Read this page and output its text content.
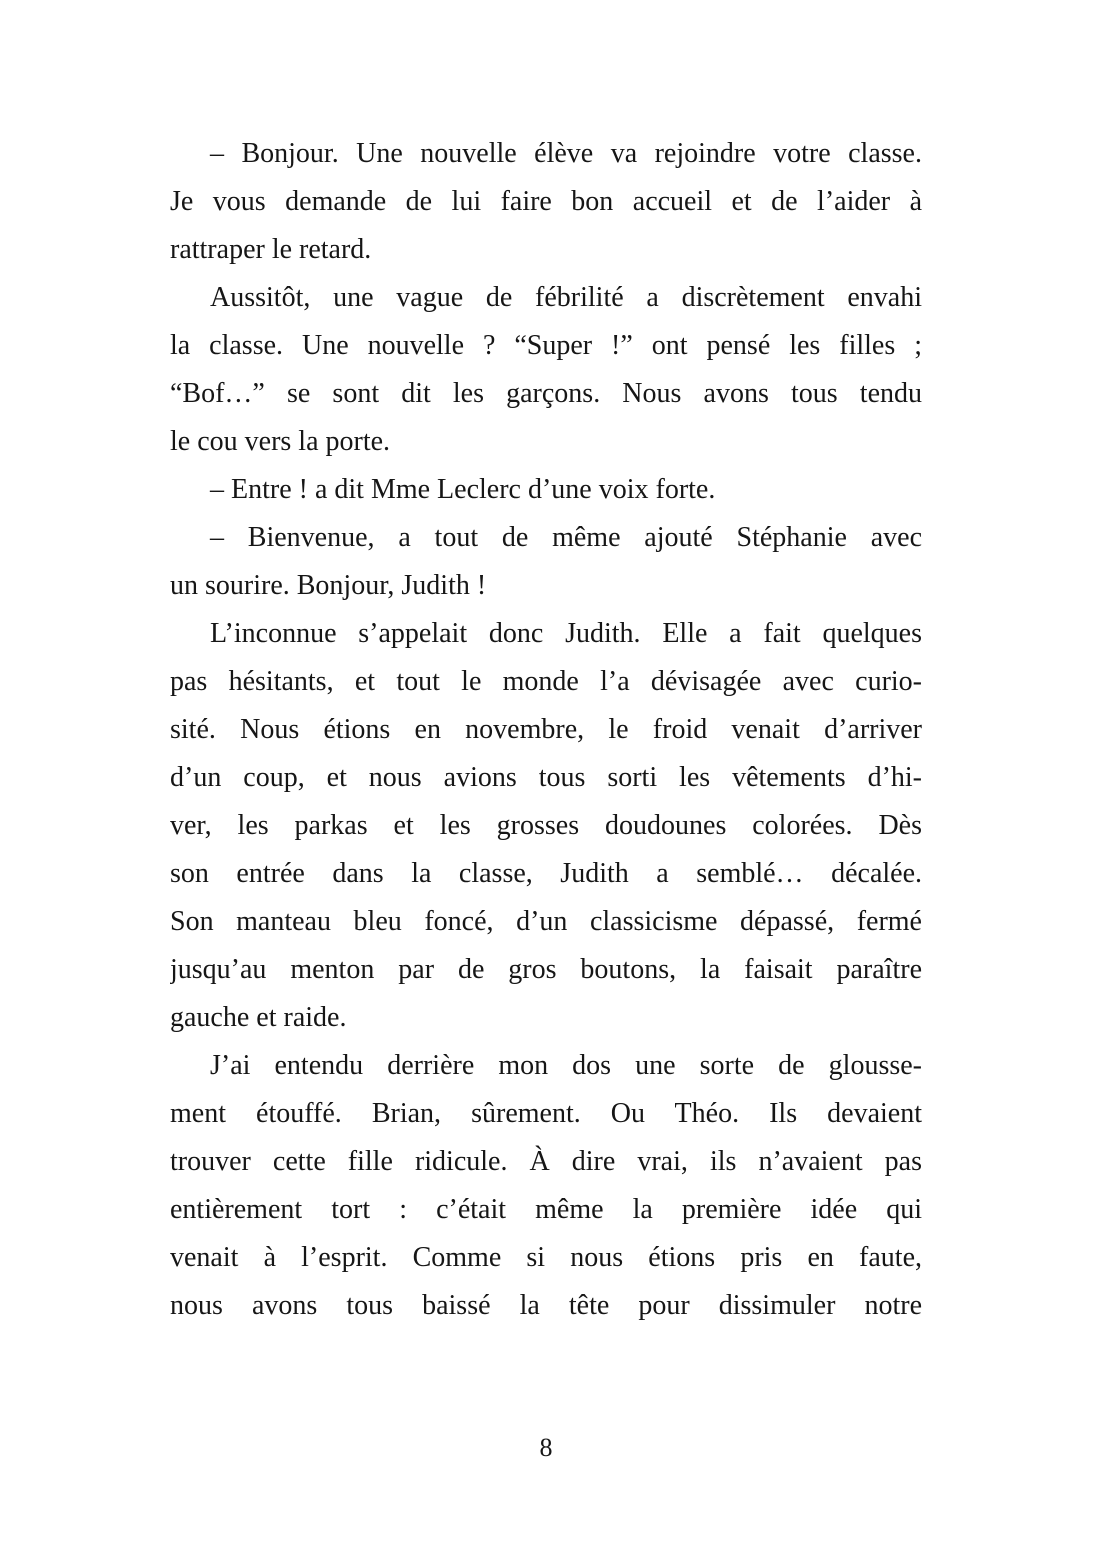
– Bonjour. Une nouvelle élève va rejoindre votre classe.
Je vous demande de lui faire bon accueil et de l’aider à
rattraper le retard.
Aussitôt, une vague de fébrilité a discrètement envahi
la classe. Une nouvelle ? “Super !” ont pensé les filles ;
“Bof…” se sont dit les garçons. Nous avons tous tendu
le cou vers la porte.
– Entre ! a dit Mme Leclerc d’une voix forte.
– Bienvenue, a tout de même ajouté Stéphanie avec
un sourire. Bonjour, Judith !
L’inconnue s’appelait donc Judith. Elle a fait quelques
pas hésitants, et tout le monde l’a dévisagée avec curio-
sité. Nous étions en novembre, le froid venait d’arriver
d’un coup, et nous avions tous sorti les vêtements d’hi-
ver, les parkas et les grosses doudounes colorées. Dès
son entrée dans la classe, Judith a semblé… décalée.
Son manteau bleu foncé, d’un classicisme dépassé, fermé
jusqu’au menton par de gros boutons, la faisait paraître
gauche et raide.
J’ai entendu derrière mon dos une sorte de glousse-
ment étouffé. Brian, sûrement. Ou Théo. Ils devaient
trouver cette fille ridicule. À dire vrai, ils n’avaient pas
entièrement tort : c’était même la première idée qui
venait à l’esprit. Comme si nous étions pris en faute,
nous avons tous baissé la tête pour dissimuler notre
8
